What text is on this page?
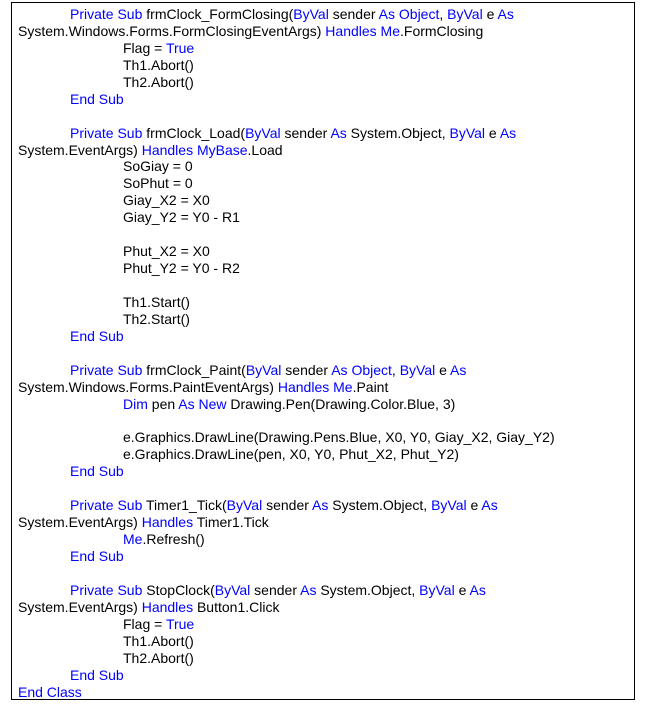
Private Sub frmClock_FormClosing(ByVal sender As Object, ByVal e As
System.Windows.Forms.FormClosingEventArgs) Handles Me.FormClosing
Flag = True
Th1.Abort()
Th2.Abort()
End Sub
Private Sub frmClock_Load(ByVal sender As System.Object, ByVal e As
System.EventArgs) Handles MyBase.Load
SoGiay = 0
SoPhut = 0
Giay_X2 = X0
Giay_Y2 = Y0 - R1
Phut_X2 = X0
Phut_Y2 = Y0 - R2
Th1.Start()
Th2.Start()
End Sub
Private Sub frmClock_Paint(ByVal sender As Object, ByVal e As
System.Windows.Forms.PaintEventArgs) Handles Me.Paint
Dim pen As New Drawing.Pen(Drawing.Color.Blue, 3)
e.Graphics.DrawLine(Drawing.Pens.Blue, X0, Y0, Giay_X2, Giay_Y2)
e.Graphics.DrawLine(pen, X0, Y0, Phut_X2, Phut_Y2)
End Sub
Private Sub Timer1_Tick(ByVal sender As System.Object, ByVal e As
System.EventArgs) Handles Timer1.Tick
Me.Refresh()
End Sub
Private Sub StopClock(ByVal sender As System.Object, ByVal e As
System.EventArgs) Handles Button1.Click
Flag = True
Th1.Abort()
Th2.Abort()
End Sub
End Class
